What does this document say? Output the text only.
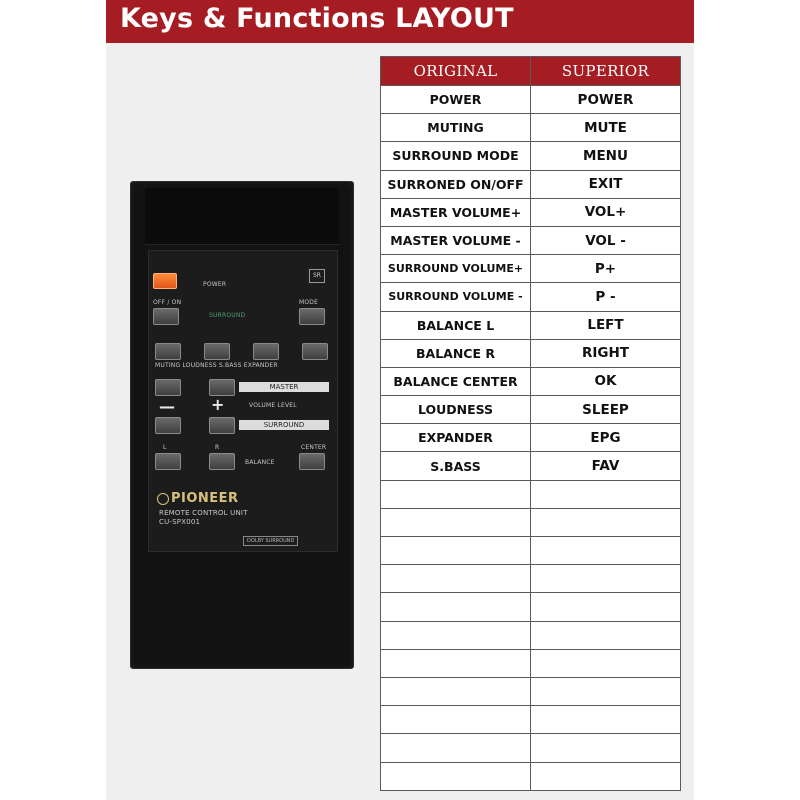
Keys & Functions LAYOUT
POWER
SR
OFF / ON	MODE
SURROUND
MUTING LOUDNESS S.BASS EXPANDER
MASTER
— +	VOLUME LEVEL
SURROUND
L	R	CENTER
BALANCE
PIONEER
REMOTE CONTROL UNIT
CU-SPX001
DOLBY SURROUND
ORIGINAL	SUPERIOR
POWER	POWER
MUTING	MUTE
SURROUND MODE	MENU
SURRONED ON/OFF	EXIT
MASTER VOLUME+	VOL+
MASTER VOLUME -	VOL -
SURROUND VOLUME+	P+
SURROUND VOLUME -	P -
BALANCE L	LEFT
BALANCE R	RIGHT
BALANCE CENTER	OK
LOUDNESS	SLEEP
EXPANDER	EPG
S.BASS	FAV
